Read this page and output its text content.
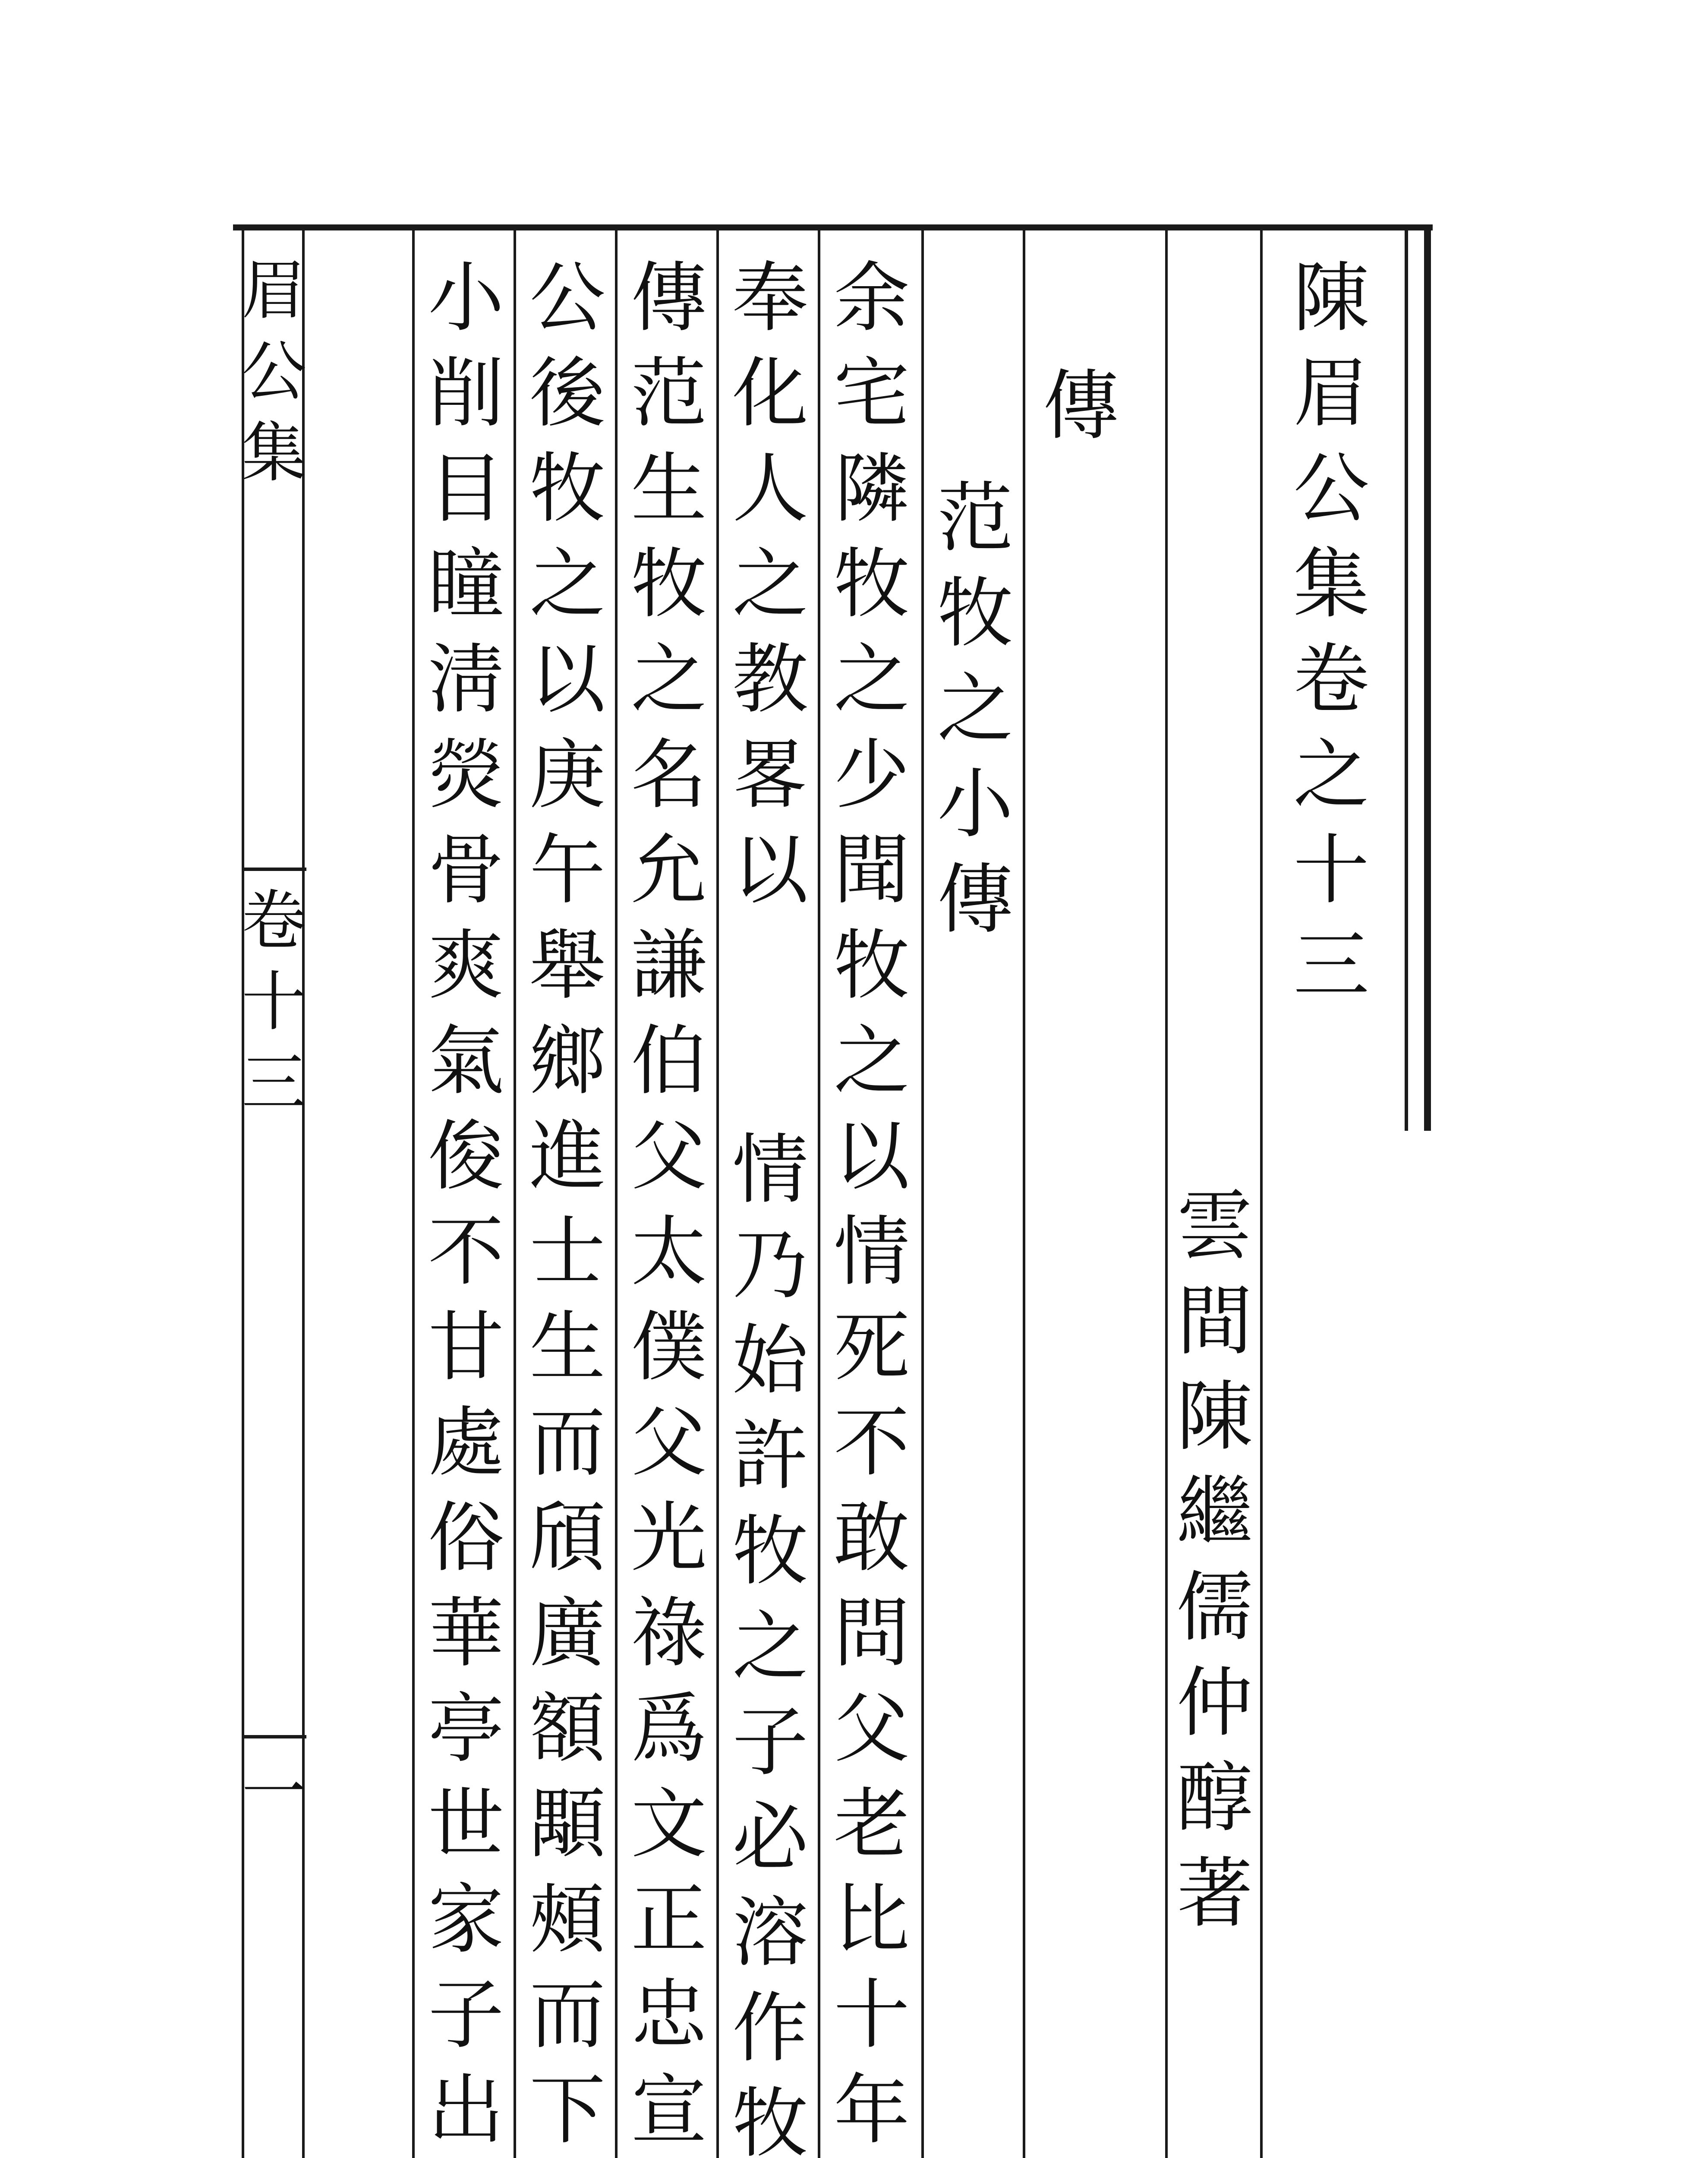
陳
眉
公
集
卷
之
十
三
雲
間
陳
繼
儒
仲
醇
著
傳
范
牧
之
小
傳
余
宅
隣
牧
之
少
聞
牧
之
以
情
死
不
敢
問
父
老
比
十
年
奉
化
人
之
教
畧
以
情
乃
始
許
牧
之
子
必
溶
作
牧
傳
范
生
牧
之
名
允
謙
伯
父
太
僕
父
光
祿
爲
文
正
忠
宣
公
後
牧
之
以
庚
午
舉
鄉
進
士
生
而
頎
廣
額
顒
頰
而
下
小
削
目
瞳
淸
熒
骨
爽
氣
俊
不
甘
處
俗
華
亭
世
家
子
出
眉
公
集
卷
十
三
一
